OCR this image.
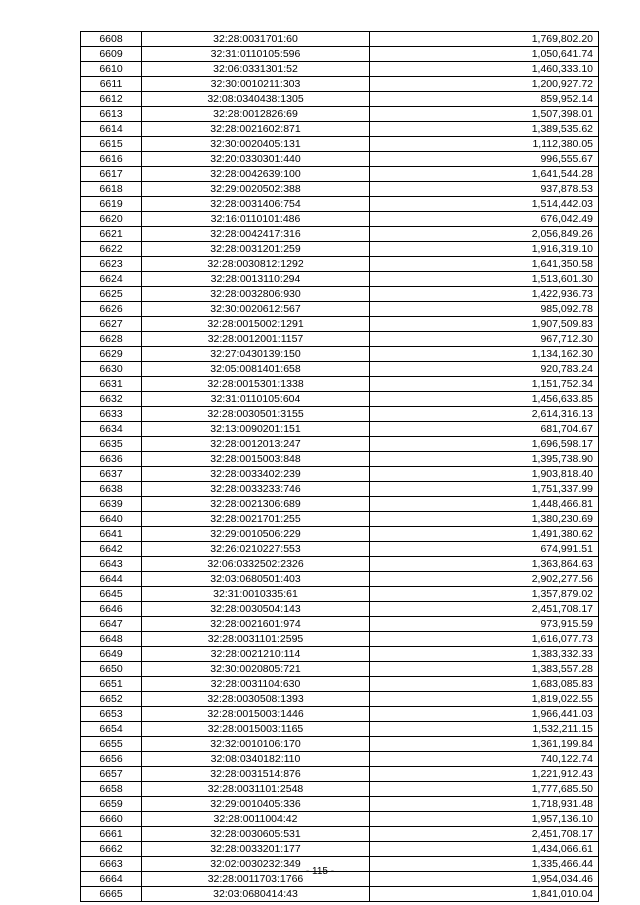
6608	32:28:0031701:60	1,769,802.20
6609	32:31:0110105:596	1,050,641.74
6610	32:06:0331301:52	1,460,333.10
6611	32:30:0010211:303	1,200,927.72
6612	32:08:0340438:1305	859,952.14
6613	32:28:0012826:69	1,507,398.01
6614	32:28:0021602:871	1,389,535.62
6615	32:30:0020405:131	1,112,380.05
6616	32:20:0330301:440	996,555.67
6617	32:28:0042639:100	1,641,544.28
6618	32:29:0020502:388	937,878.53
6619	32:28:0031406:754	1,514,442.03
6620	32:16:0110101:486	676,042.49
6621	32:28:0042417:316	2,056,849.26
6622	32:28:0031201:259	1,916,319.10
6623	32:28:0030812:1292	1,641,350.58
6624	32:28:0013110:294	1,513,601.30
6625	32:28:0032806:930	1,422,936.73
6626	32:30:0020612:567	985,092.78
6627	32:28:0015002:1291	1,907,509.83
6628	32:28:0012001:1157	967,712.30
6629	32:27:0430139:150	1,134,162.30
6630	32:05:0081401:658	920,783.24
6631	32:28:0015301:1338	1,151,752.34
6632	32:31:0110105:604	1,456,633.85
6633	32:28:0030501:3155	2,614,316.13
6634	32:13:0090201:151	681,704.67
6635	32:28:0012013:247	1,696,598.17
6636	32:28:0015003:848	1,395,738.90
6637	32:28:0033402:239	1,903,818.40
6638	32:28:0033233:746	1,751,337.99
6639	32:28:0021306:689	1,448,466.81
6640	32:28:0021701:255	1,380,230.69
6641	32:29:0010506:229	1,491,380.62
6642	32:26:0210227:553	674,991.51
6643	32:06:0332502:2326	1,363,864.63
6644	32:03:0680501:403	2,902,277.56
6645	32:31:0010335:61	1,357,879.02
6646	32:28:0030504:143	2,451,708.17
6647	32:28:0021601:974	973,915.59
6648	32:28:0031101:2595	1,616,077.73
6649	32:28:0021210:114	1,383,332.33
6650	32:30:0020805:721	1,383,557.28
6651	32:28:0031104:630	1,683,085.83
6652	32:28:0030508:1393	1,819,022.55
6653	32:28:0015003:1446	1,966,441.03
6654	32:28:0015003:1165	1,532,211.15
6655	32:32:0010106:170	1,361,199.84
6656	32:08:0340182:110	740,122.74
6657	32:28:0031514:876	1,221,912.43
6658	32:28:0031101:2548	1,777,685.50
6659	32:29:0010405:336	1,718,931.48
6660	32:28:0011004:42	1,957,136.10
6661	32:28:0030605:531	2,451,708.17
6662	32:28:0033201:177	1,434,066.61
6663	32:02:0030232:349	1,335,466.44
6664	32:28:0011703:1766	1,954,034.46
6665	32:03:0680414:43	1,841,010.04
- 115 -
